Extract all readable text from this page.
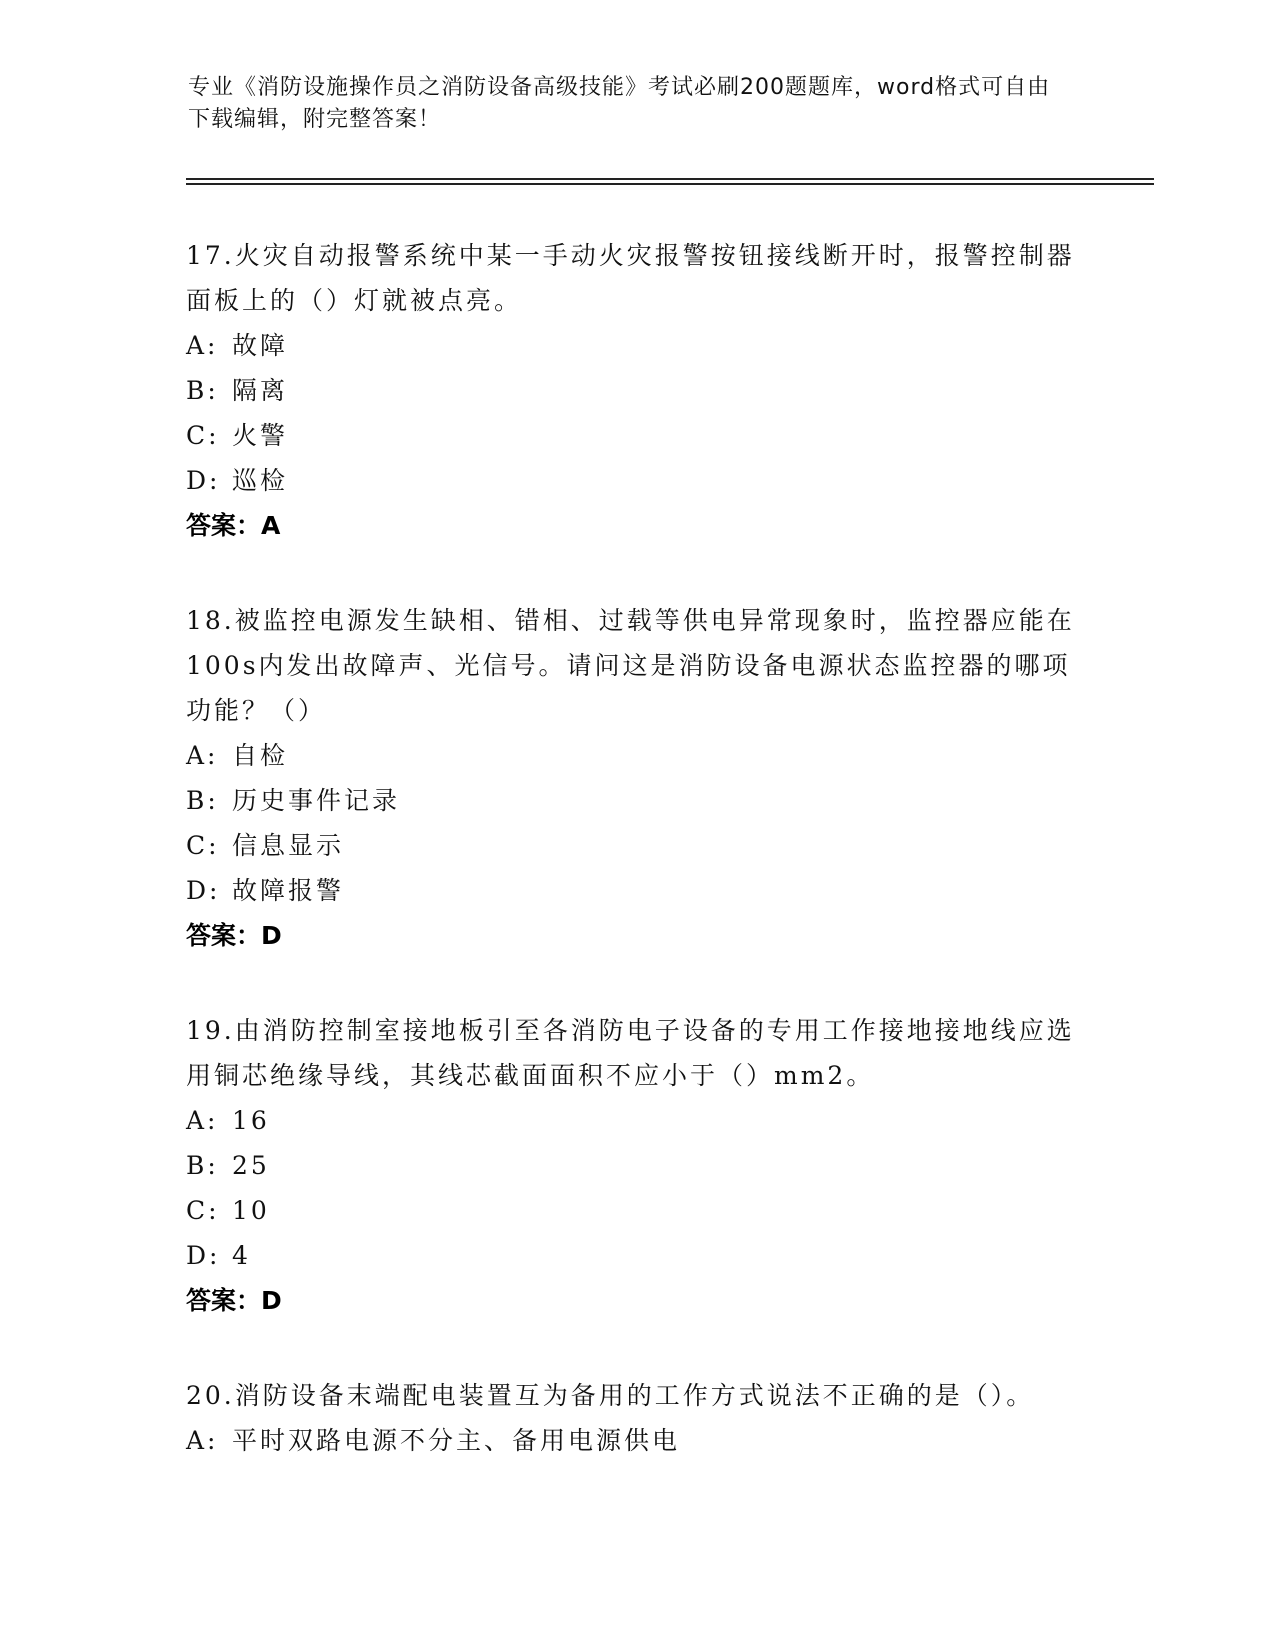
专业《消防设施操作员之消防设备高级技能》考试必刷200题题库，word格式可自由下载编辑，附完整答案！
17.火灾自动报警系统中某一手动火灾报警按钮接线断开时，报警控制器面板上的（）灯就被点亮。
A: 故障
B: 隔离
C: 火警
D: 巡检
答案：A
18.被监控电源发生缺相、错相、过载等供电异常现象时，监控器应能在100s内发出故障声、光信号。请问这是消防设备电源状态监控器的哪项功能？（）
A: 自检
B: 历史事件记录
C: 信息显示
D: 故障报警
答案：D
19.由消防控制室接地板引至各消防电子设备的专用工作接地接地线应选用铜芯绝缘导线，其线芯截面面积不应小于（）mm2。
A: 16
B: 25
C: 10
D: 4
答案：D
20.消防设备末端配电装置互为备用的工作方式说法不正确的是（）。
A: 平时双路电源不分主、备用电源供电
